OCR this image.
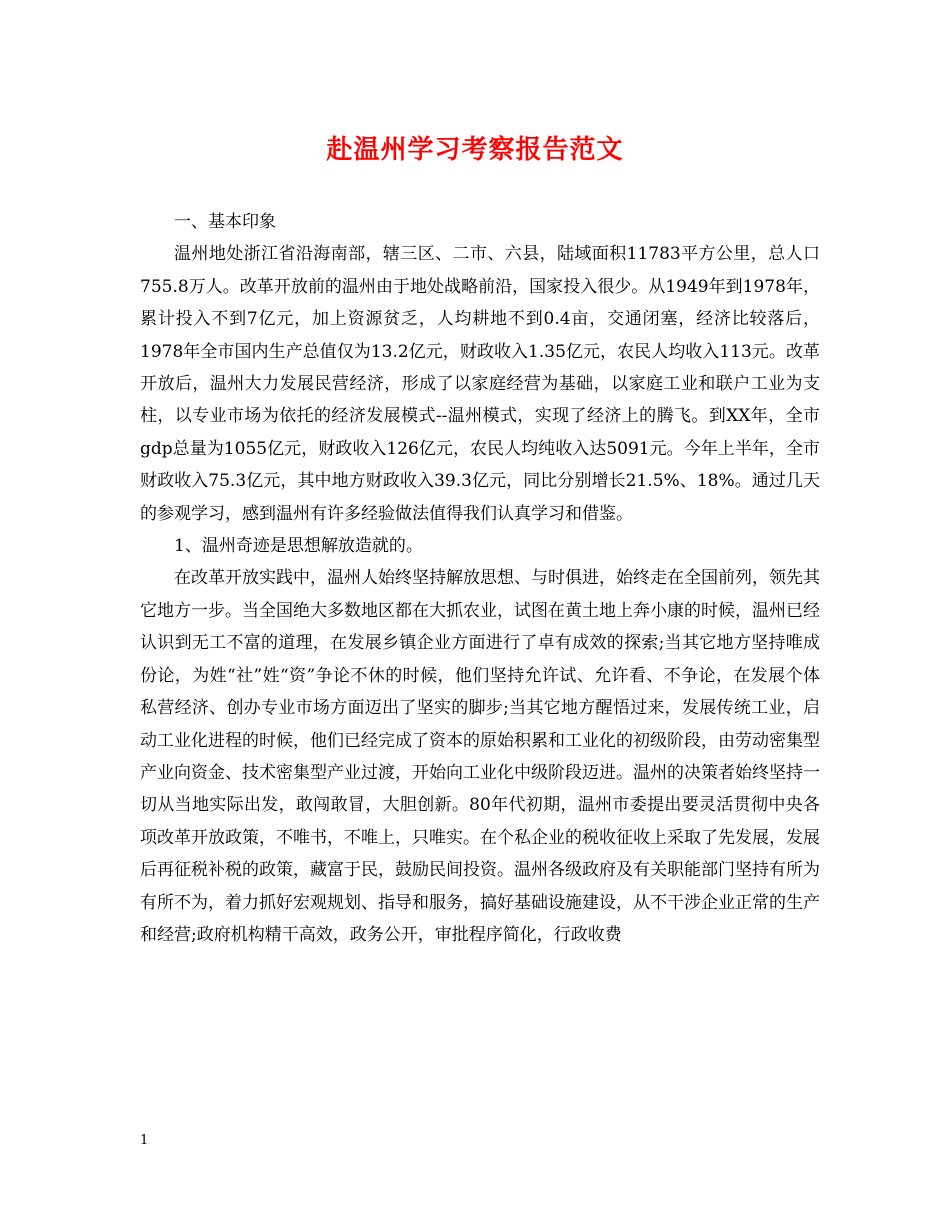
赴温州学习考察报告范文

一、基本印象

温州地处浙江省沿海南部，辖三区、二市、六县，陆域面积11783平方公里，总人口755.8万人。改革开放前的温州由于地处战略前沿，国家投入很少。从1949年到1978年，累计投入不到7亿元，加上资源贫乏，人均耕地不到0.4亩，交通闭塞，经济比较落后，1978年全市国内生产总值仅为13.2亿元，财政收入1.35亿元，农民人均收入113元。改革开放后，温州大力发展民营经济，形成了以家庭经营为基础，以家庭工业和联户工业为支柱，以专业市场为依托的经济发展模式--温州模式，实现了经济上的腾飞。到XX年，全市gdp总量为1055亿元，财政收入126亿元，农民人均纯收入达5091元。今年上半年，全市财政收入75.3亿元，其中地方财政收入39.3亿元，同比分别增长21.5%、18%。通过几天的参观学习，感到温州有许多经验做法值得我们认真学习和借鉴。

1、温州奇迹是思想解放造就的。

在改革开放实践中，温州人始终坚持解放思想、与时俱进，始终走在全国前列，领先其它地方一步。当全国绝大多数地区都在大抓农业，试图在黄土地上奔小康的时候，温州已经认识到无工不富的道理，在发展乡镇企业方面进行了卓有成效的探索;当其它地方坚持唯成份论，为姓“社”姓“资”争论不休的时候，他们坚持允许试、允许看、不争论，在发展个体私营经济、创办专业市场方面迈出了坚实的脚步;当其它地方醒悟过来，发展传统工业，启动工业化进程的时候，他们已经完成了资本的原始积累和工业化的初级阶段，由劳动密集型产业向资金、技术密集型产业过渡，开始向工业化中级阶段迈进。温州的决策者始终坚持一切从当地实际出发，敢闯敢冒，大胆创新。80年代初期，温州市委提出要灵活贯彻中央各项改革开放政策，不唯书，不唯上，只唯实。在个私企业的税收征收上采取了先发展，发展后再征税补税的政策，藏富于民，鼓励民间投资。温州各级政府及有关职能部门坚持有所为有所不为，着力抓好宏观规划、指导和服务，搞好基础设施建设，从不干涉企业正常的生产和经营;政府机构精干高效，政务公开，审批程序简化，行政收费

1
